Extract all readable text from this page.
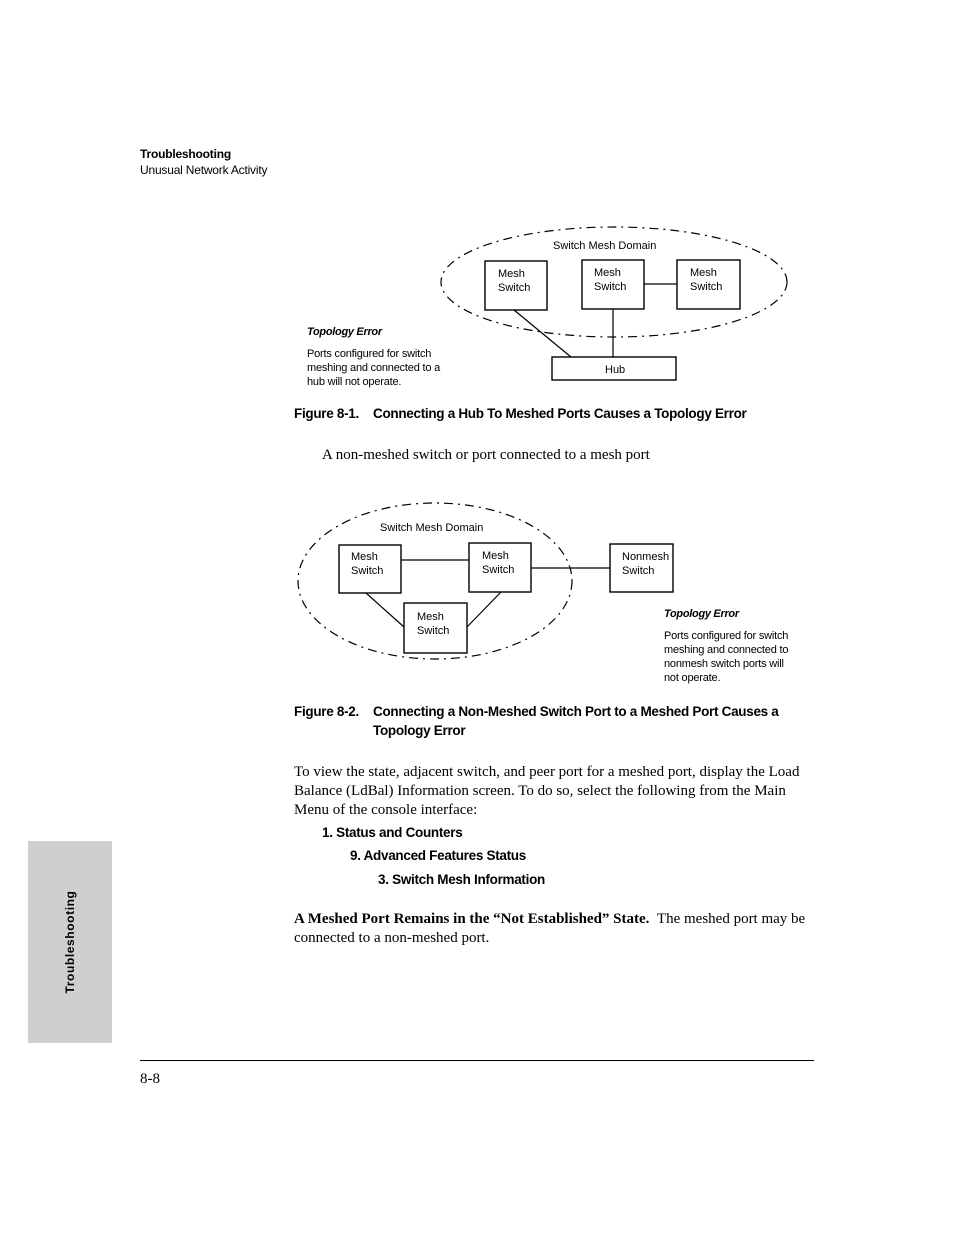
Troubleshooting
Unusual Network Activity
Troubleshooting
Switch Mesh Domain
Mesh
Switch
Mesh
Switch
Mesh
Switch
Hub
Switch Mesh Domain
Mesh
Switch
Mesh
Switch
Mesh
Switch
Nonmesh
Switch
Topology Error
Ports configured for switch
meshing and connected to a
hub will not operate.
Figure 8-1. Connecting a Hub To Meshed Ports Causes a Topology Error
A non-meshed switch or port connected to a mesh port
Topology Error
Ports configured for switch
meshing and connected to
nonmesh switch ports will
not operate.
Figure 8-2. Connecting a Non-Meshed Switch Port to a Meshed Port Causes a Topology Error
To view the state, adjacent switch, and peer port for a meshed port, display the Load Balance (LdBal) Information screen. To do so, select the following from the Main Menu of the console interface:
1. Status and Counters
9. Advanced Features Status
3. Switch Mesh Information
A Meshed Port Remains in the “Not Established” State. The meshed port may be connected to a non-meshed port.
8-8
